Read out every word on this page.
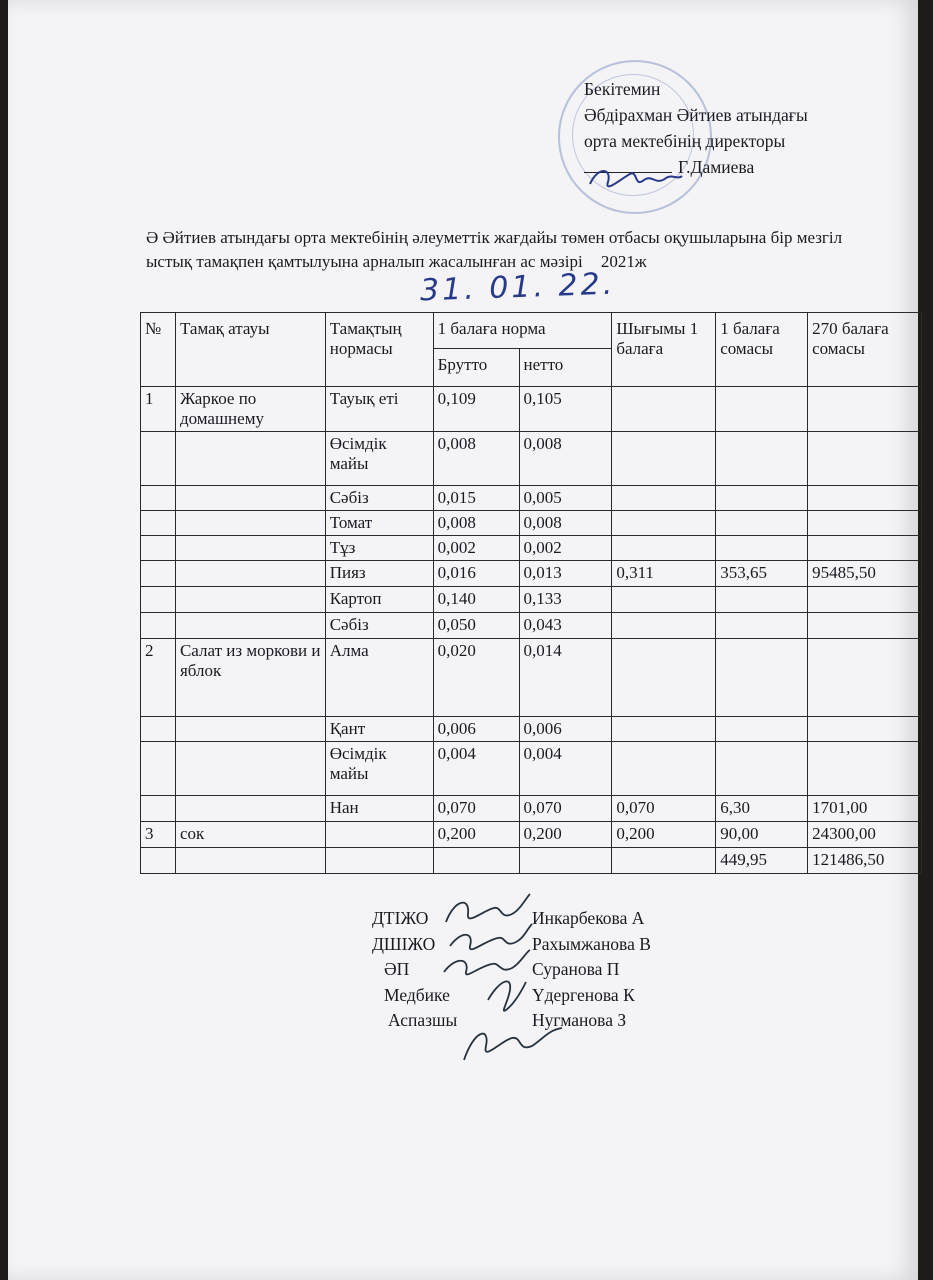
Бекітемин
Әбдірахман Әйтиев атындағы
орта мектебінің директоры
Г.Дамиева
Ә Әйтиев атындағы орта мектебінің әлеуметтік жағдайы төмен отбасы оқушыларына бір мезгіл ыстық тамақпен қамтылуына арналып жасалынған ас мәзірі 2021ж
31. 01. 22.
№	Тамақ атауы	Тамақтың нормасы	1 балаға норма		Шығымы 1 балаға	1 балаға сомасы	270 балаға сомасы
			Брутто	нетто			
1	Жаркое по домашнему	Тауық еті	0,109	0,105			
		Өсімдік майы	0,008	0,008			
		Сәбіз	0,015	0,005			
		Томат	0,008	0,008			
		Тұз	0,002	0,002			
		Пияз	0,016	0,013	0,311	353,65	95485,50
		Картоп	0,140	0,133			
		Сәбіз	0,050	0,043			
2	Салат из моркови и яблок	Алма	0,020	0,014			
		Қант	0,006	0,006			
		Өсімдік майы	0,004	0,004			
		Нан	0,070	0,070	0,070	6,30	1701,00
3	сок		0,200	0,200	0,200	90,00	24300,00
						449,95	121486,50
ДТІЖО	Инкарбекова А
ДШІЖО	Рахымжанова В
ӘП	Суранова П
Медбике	Үдергенова К
Аспазшы	Нугманова З
